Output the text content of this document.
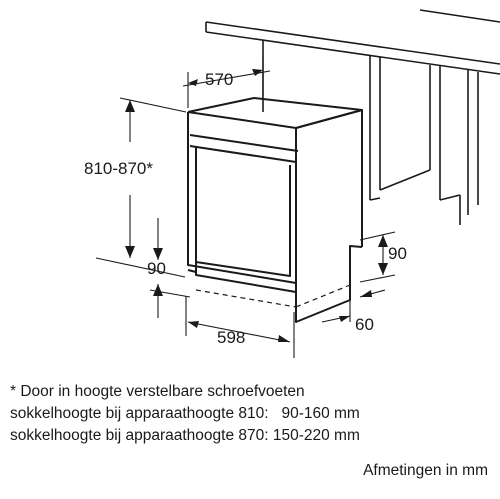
570
810-870*
90
90
598
60
* Door in hoogte verstelbare schroefvoeten
sokkelhoogte bij apparaathoogte 810:   90-160 mm
sokkelhoogte bij apparaathoogte 870: 150-220 mm
Afmetingen in mm
